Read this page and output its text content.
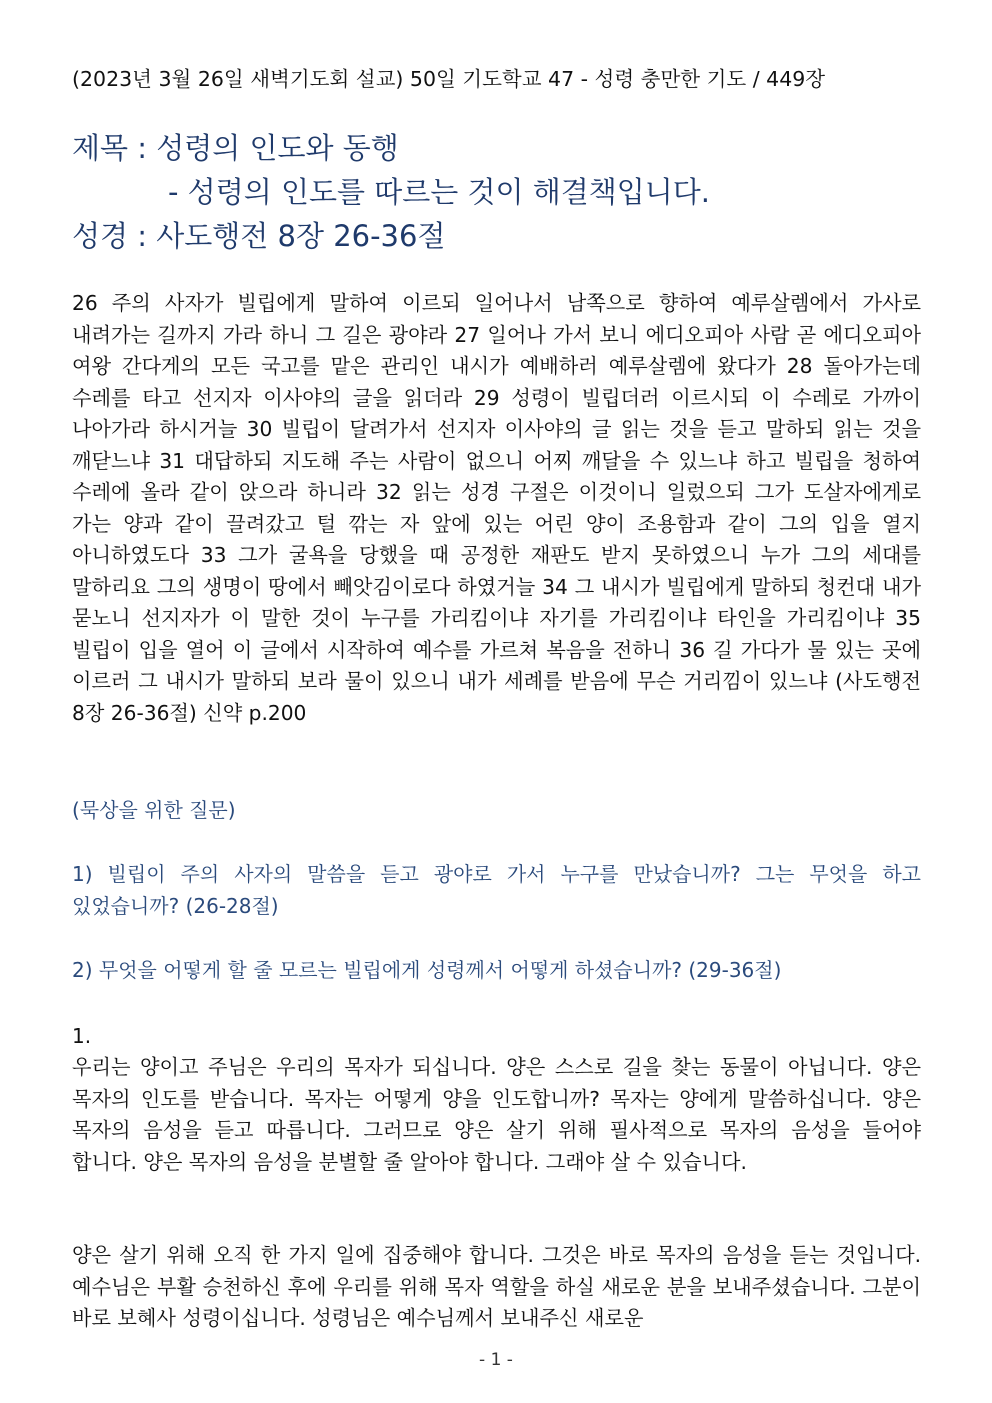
(2023년 3월 26일 새벽기도회 설교) 50일 기도학교 47 - 성령 충만한 기도 / 449장
제목 : 성령의 인도와 동행
- 성령의 인도를 따르는 것이 해결책입니다.
성경 : 사도행전 8장 26-36절
26 주의 사자가 빌립에게 말하여 이르되 일어나서 남쪽으로 향하여 예루살렘에서 가사로 내려가는 길까지 가라 하니 그 길은 광야라 27 일어나 가서 보니 에디오피아 사람 곧 에디오피아 여왕 간다게의 모든 국고를 맡은 관리인 내시가 예배하러 예루살렘에 왔다가 28 돌아가는데 수레를 타고 선지자 이사야의 글을 읽더라 29 성령이 빌립더러 이르시되 이 수레로 가까이 나아가라 하시거늘 30 빌립이 달려가서 선지자 이사야의 글 읽는 것을 듣고 말하되 읽는 것을 깨닫느냐 31 대답하되 지도해 주는 사람이 없으니 어찌 깨달을 수 있느냐 하고 빌립을 청하여 수레에 올라 같이 앉으라 하니라 32 읽는 성경 구절은 이것이니 일렀으되 그가 도살자에게로 가는 양과 같이 끌려갔고 털 깎는 자 앞에 있는 어린 양이 조용함과 같이 그의 입을 열지 아니하였도다 33 그가 굴욕을 당했을 때 공정한 재판도 받지 못하였으니 누가 그의 세대를 말하리요 그의 생명이 땅에서 빼앗김이로다 하였거늘 34 그 내시가 빌립에게 말하되 청컨대 내가 묻노니 선지자가 이 말한 것이 누구를 가리킴이냐 자기를 가리킴이냐 타인을 가리킴이냐 35 빌립이 입을 열어 이 글에서 시작하여 예수를 가르쳐 복음을 전하니 36 길 가다가 물 있는 곳에 이르러 그 내시가 말하되 보라 물이 있으니 내가 세례를 받음에 무슨 거리낌이 있느냐 (사도행전 8장 26-36절) 신약 p.200
(묵상을 위한 질문)
1) 빌립이 주의 사자의 말씀을 듣고 광야로 가서 누구를 만났습니까? 그는 무엇을 하고 있었습니까? (26-28절)
2) 무엇을 어떻게 할 줄 모르는 빌립에게 성령께서 어떻게 하셨습니까? (29-36절)
1.
우리는 양이고 주님은 우리의 목자가 되십니다. 양은 스스로 길을 찾는 동물이 아닙니다. 양은 목자의 인도를 받습니다. 목자는 어떻게 양을 인도합니까? 목자는 양에게 말씀하십니다. 양은 목자의 음성을 듣고 따릅니다. 그러므로 양은 살기 위해 필사적으로 목자의 음성을 들어야 합니다. 양은 목자의 음성을 분별할 줄 알아야 합니다. 그래야 살 수 있습니다.
양은 살기 위해 오직 한 가지 일에 집중해야 합니다. 그것은 바로 목자의 음성을 듣는 것입니다. 예수님은 부활 승천하신 후에 우리를 위해 목자 역할을 하실 새로운 분을 보내주셨습니다. 그분이 바로 보혜사 성령이십니다. 성령님은 예수님께서 보내주신 새로운
- 1 -
